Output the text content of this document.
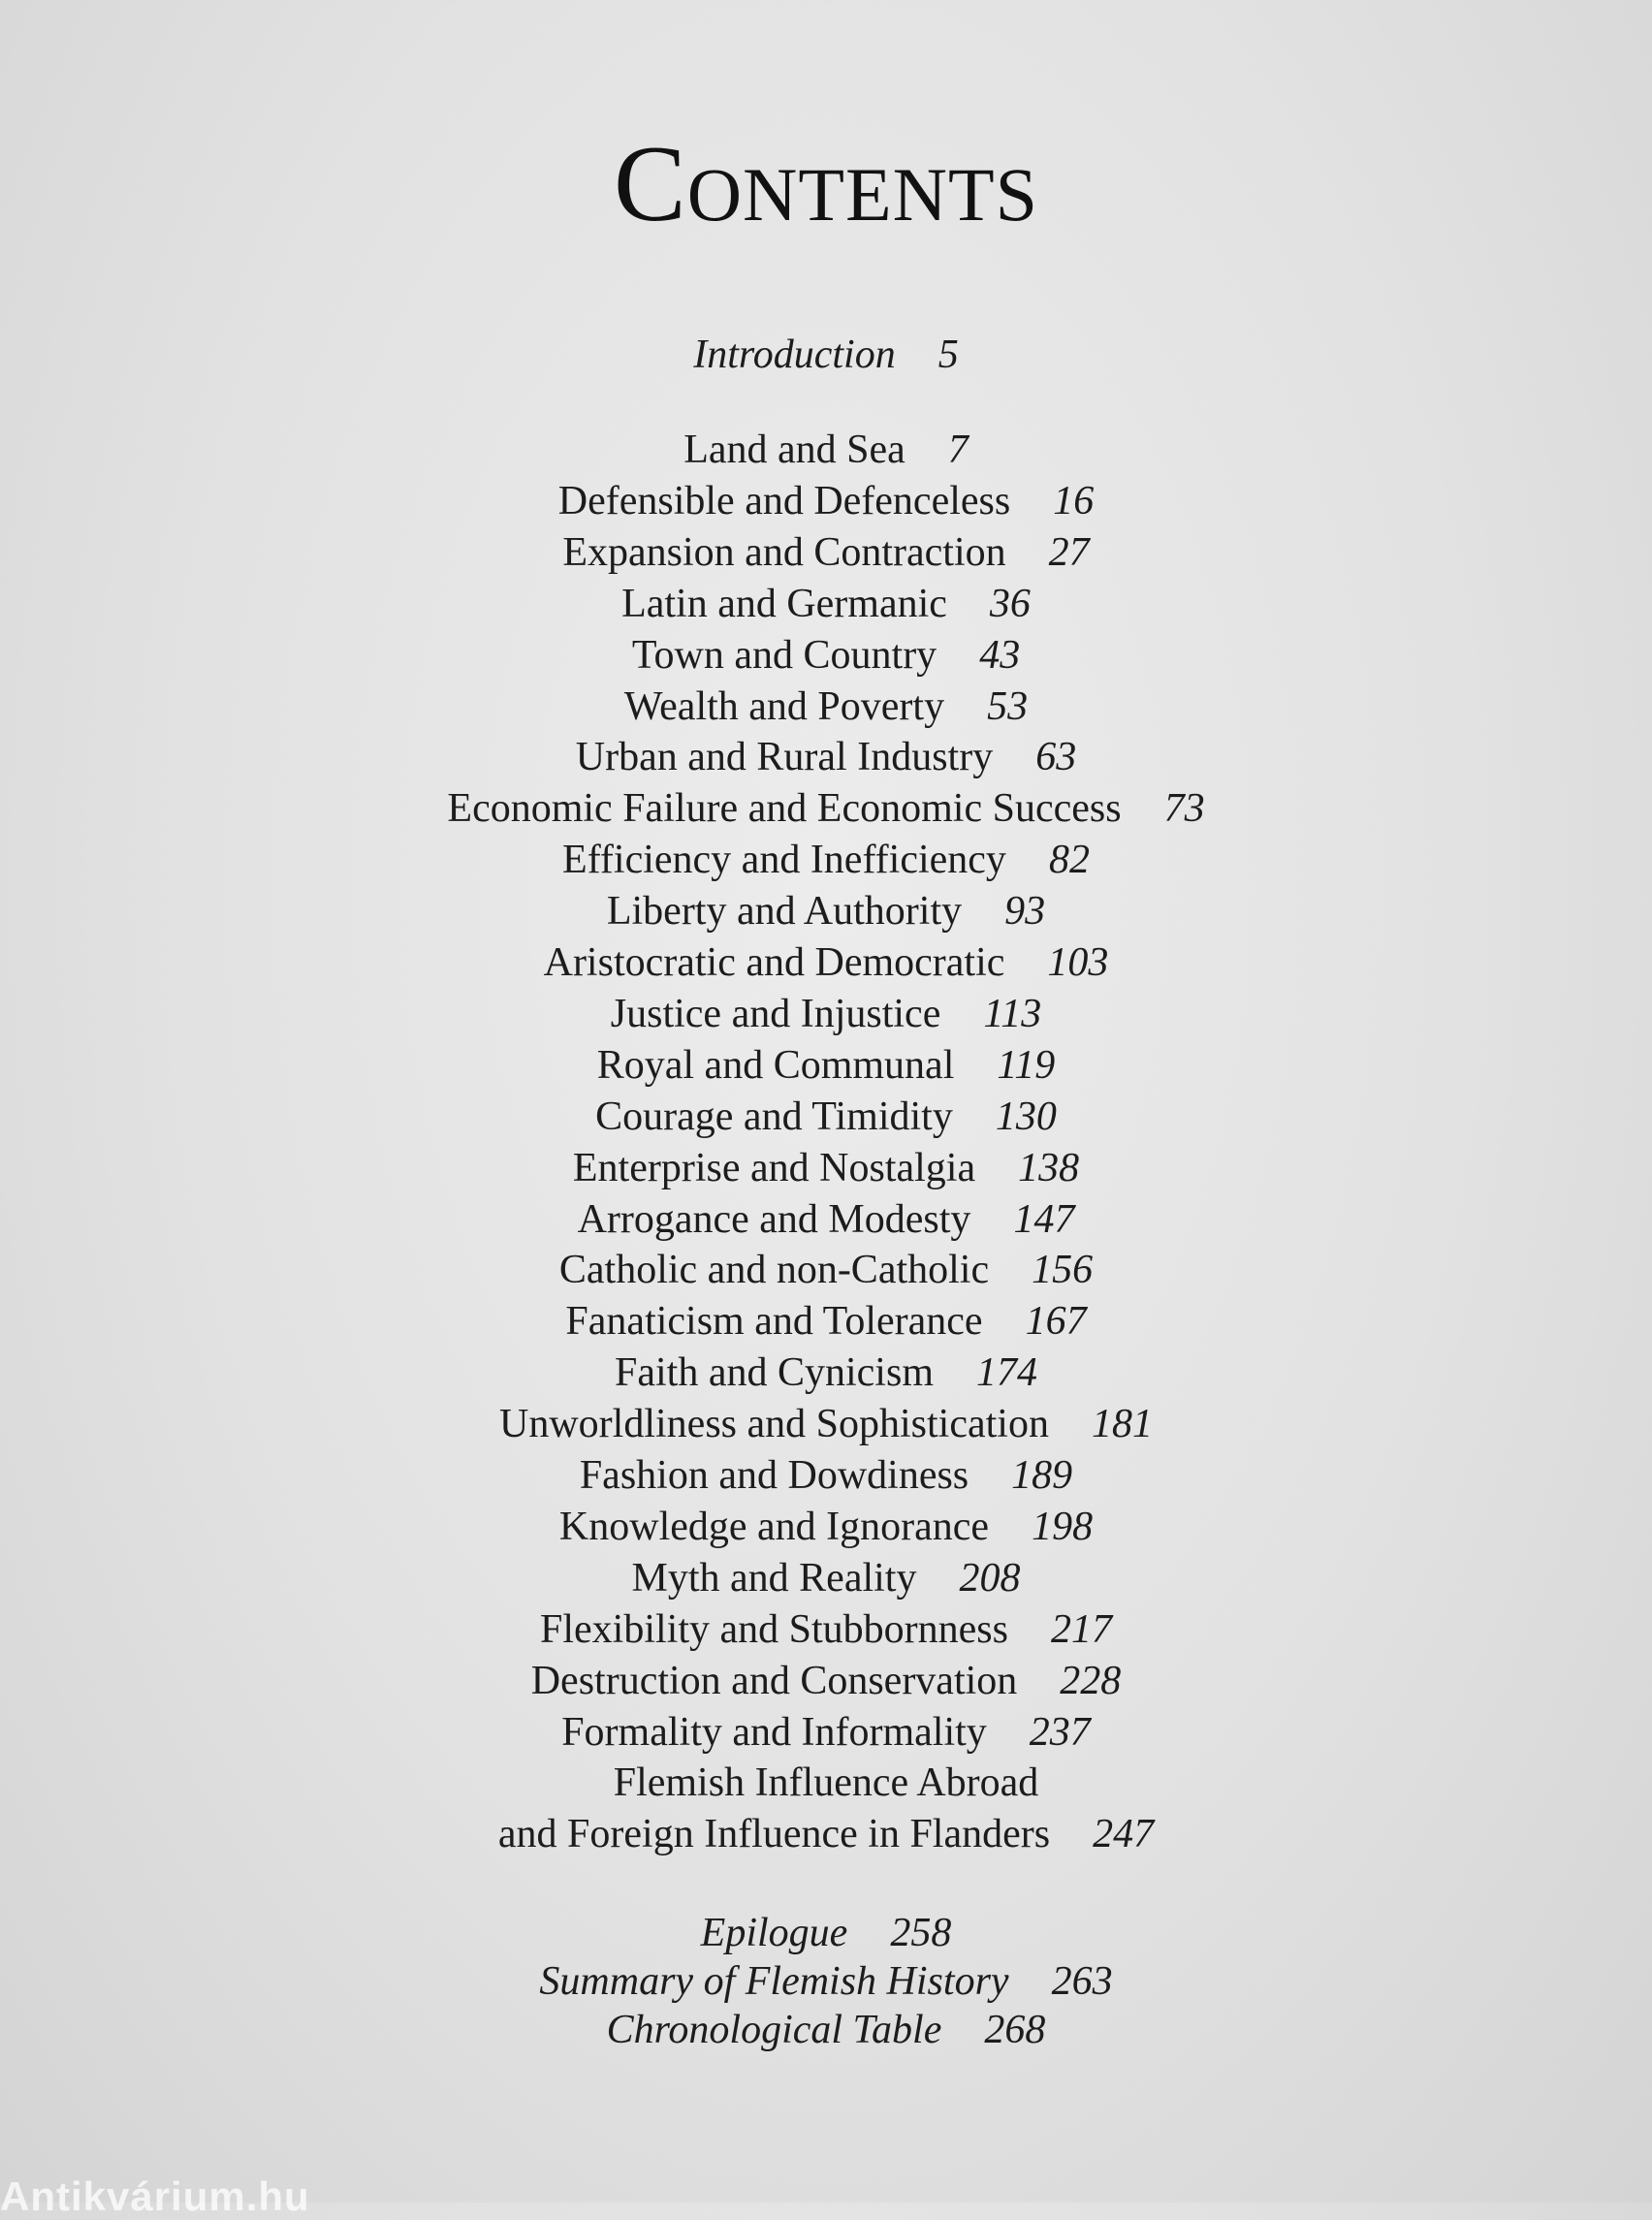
Contents
Introduction 5
Land and Sea 7
Defensible and Defenceless 16
Expansion and Contraction 27
Latin and Germanic 36
Town and Country 43
Wealth and Poverty 53
Urban and Rural Industry 63
Economic Failure and Economic Success 73
Efficiency and Inefficiency 82
Liberty and Authority 93
Aristocratic and Democratic 103
Justice and Injustice 113
Royal and Communal 119
Courage and Timidity 130
Enterprise and Nostalgia 138
Arrogance and Modesty 147
Catholic and non-Catholic 156
Fanaticism and Tolerance 167
Faith and Cynicism 174
Unworldliness and Sophistication 181
Fashion and Dowdiness 189
Knowledge and Ignorance 198
Myth and Reality 208
Flexibility and Stubbornness 217
Destruction and Conservation 228
Formality and Informality 237
Flemish Influence Abroad
and Foreign Influence in Flanders 247
Epilogue 258
Summary of Flemish History 263
Chronological Table 268
Antikvárium.hu
